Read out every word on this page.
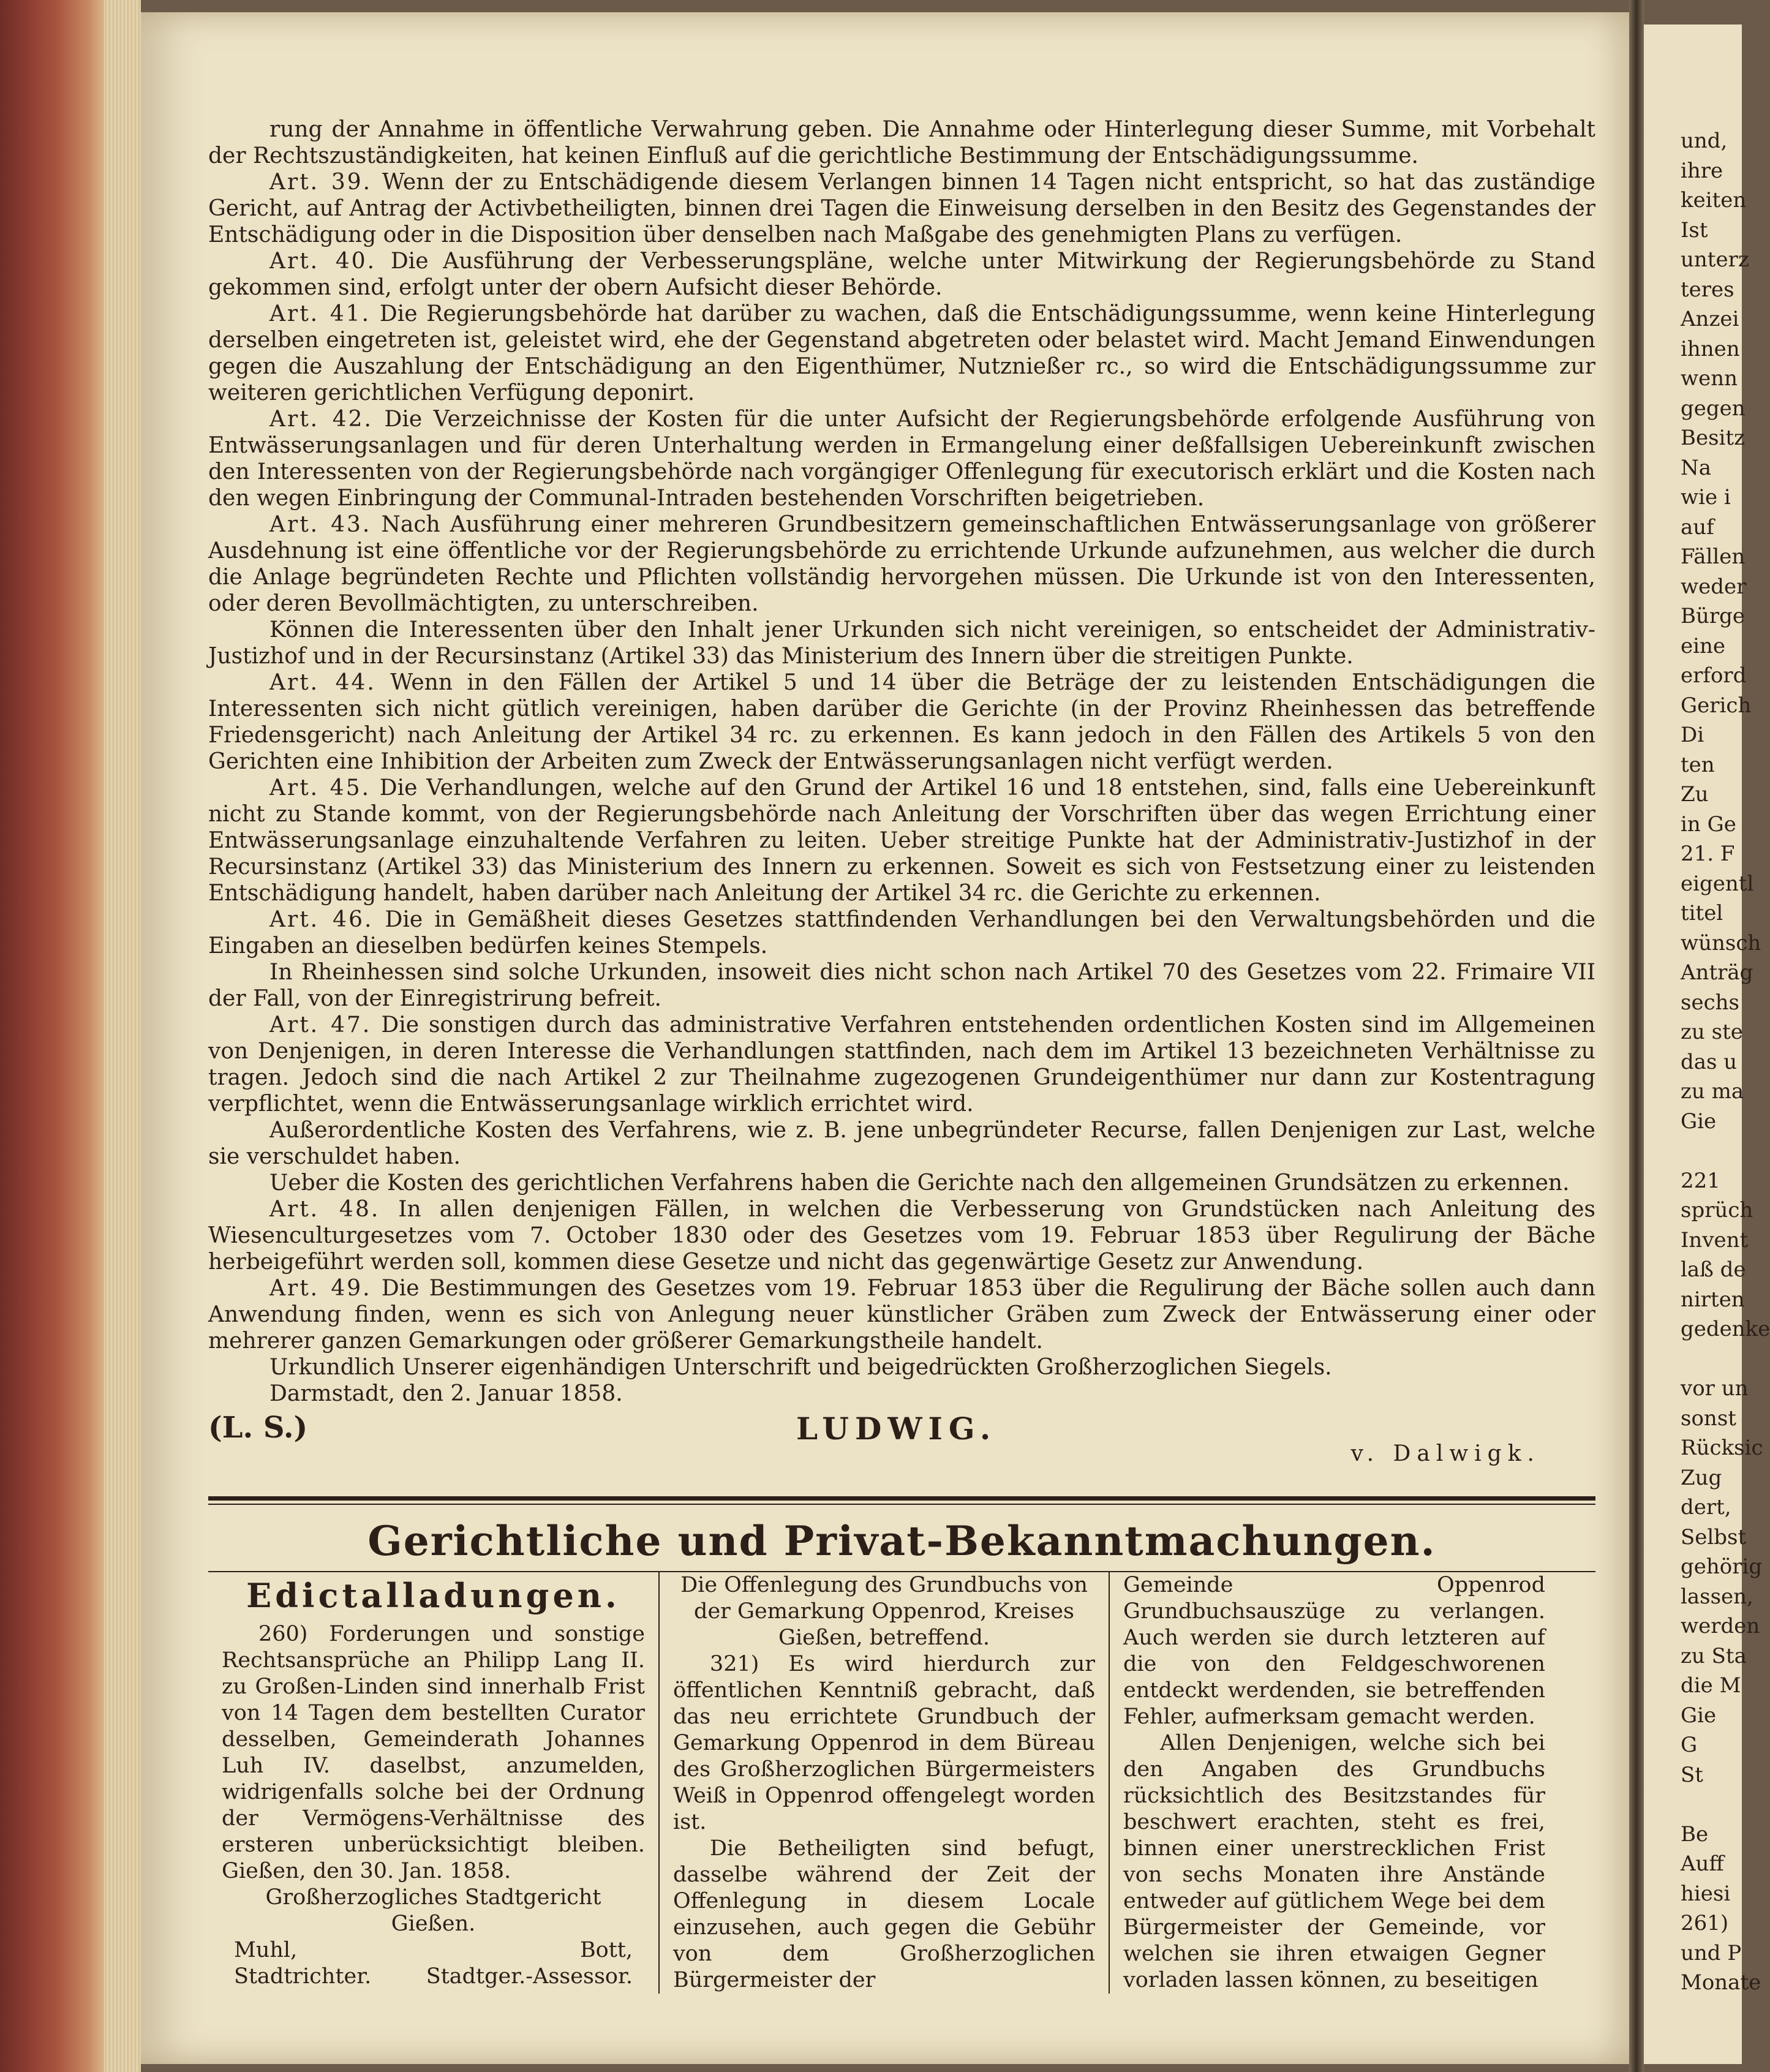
und,
ihre
keiten
Ist
unterz
teres
Anzei
ihnen
wenn
gegen
Besitz
Na
wie i
auf
Fällen
weder
Bürge
eine
erford
Gerich
Di
ten
Zu
in Ge
21. F
eigentl
titel
wünsch
Anträg
sechs
zu ste
das u
zu ma
Gie
221
sprüch
Invent
laß de
nirten
gedenke
vor un
sonst
Rücksic
Zug
dert,
Selbst
gehörig
lassen,
werden
zu Sta
die M
Gie
G
St
Be
Auff
hiesi
261)
und P
Monate

rung der Annahme in öffentliche Verwahrung geben. Die Annahme oder Hinterlegung dieser Summe, mit Vorbehalt der Rechtszuständigkeiten, hat keinen Einfluß auf die gerichtliche Bestimmung der Entschädigungssumme.

Art. 39. Wenn der zu Entschädigende diesem Verlangen binnen 14 Tagen nicht entspricht, so hat das zuständige Gericht, auf Antrag der Activbetheiligten, binnen drei Tagen die Einweisung derselben in den Besitz des Gegenstandes der Entschädigung oder in die Disposition über denselben nach Maßgabe des genehmigten Plans zu verfügen.

Art. 40. Die Ausführung der Verbesserungspläne, welche unter Mitwirkung der Regierungsbehörde zu Stand gekommen sind, erfolgt unter der obern Aufsicht dieser Behörde.

Art. 41. Die Regierungsbehörde hat darüber zu wachen, daß die Entschädigungssumme, wenn keine Hinterlegung derselben eingetreten ist, geleistet wird, ehe der Gegenstand abgetreten oder belastet wird. Macht Jemand Einwendungen gegen die Auszahlung der Entschädigung an den Eigenthümer, Nutznießer rc., so wird die Entschädigungssumme zur weiteren gerichtlichen Verfügung deponirt.

Art. 42. Die Verzeichnisse der Kosten für die unter Aufsicht der Regierungsbehörde erfolgende Ausführung von Entwässerungsanlagen und für deren Unterhaltung werden in Ermangelung einer deßfallsigen Uebereinkunft zwischen den Interessenten von der Regierungsbehörde nach vorgängiger Offenlegung für executorisch erklärt und die Kosten nach den wegen Einbringung der Communal-Intraden bestehenden Vorschriften beigetrieben.

Art. 43. Nach Ausführung einer mehreren Grundbesitzern gemeinschaftlichen Entwässerungsanlage von größerer Ausdehnung ist eine öffentliche vor der Regierungsbehörde zu errichtende Urkunde aufzunehmen, aus welcher die durch die Anlage begründeten Rechte und Pflichten vollständig hervorgehen müssen. Die Urkunde ist von den Interessenten, oder deren Bevollmächtigten, zu unterschreiben.

Können die Interessenten über den Inhalt jener Urkunden sich nicht vereinigen, so entscheidet der Administrativ-Justizhof und in der Recursinstanz (Artikel 33) das Ministerium des Innern über die streitigen Punkte.

Art. 44. Wenn in den Fällen der Artikel 5 und 14 über die Beträge der zu leistenden Entschädigungen die Interessenten sich nicht gütlich vereinigen, haben darüber die Gerichte (in der Provinz Rheinhessen das betreffende Friedensgericht) nach Anleitung der Artikel 34 rc. zu erkennen. Es kann jedoch in den Fällen des Artikels 5 von den Gerichten eine Inhibition der Arbeiten zum Zweck der Entwässerungsanlagen nicht verfügt werden.

Art. 45. Die Verhandlungen, welche auf den Grund der Artikel 16 und 18 entstehen, sind, falls eine Uebereinkunft nicht zu Stande kommt, von der Regierungsbehörde nach Anleitung der Vorschriften über das wegen Errichtung einer Entwässerungsanlage einzuhaltende Verfahren zu leiten. Ueber streitige Punkte hat der Administrativ-Justizhof in der Recursinstanz (Artikel 33) das Ministerium des Innern zu erkennen. Soweit es sich von Festsetzung einer zu leistenden Entschädigung handelt, haben darüber nach Anleitung der Artikel 34 rc. die Gerichte zu erkennen.

Art. 46. Die in Gemäßheit dieses Gesetzes stattfindenden Verhandlungen bei den Verwaltungsbehörden und die Eingaben an dieselben bedürfen keines Stempels.

In Rheinhessen sind solche Urkunden, insoweit dies nicht schon nach Artikel 70 des Gesetzes vom 22. Frimaire VII der Fall, von der Einregistrirung befreit.

Art. 47. Die sonstigen durch das administrative Verfahren entstehenden ordentlichen Kosten sind im Allgemeinen von Denjenigen, in deren Interesse die Verhandlungen stattfinden, nach dem im Artikel 13 bezeichneten Verhältnisse zu tragen. Jedoch sind die nach Artikel 2 zur Theilnahme zugezogenen Grundeigenthümer nur dann zur Kostentragung verpflichtet, wenn die Entwässerungsanlage wirklich errichtet wird.

Außerordentliche Kosten des Verfahrens, wie z. B. jene unbegründeter Recurse, fallen Denjenigen zur Last, welche sie verschuldet haben.

Ueber die Kosten des gerichtlichen Verfahrens haben die Gerichte nach den allgemeinen Grundsätzen zu erkennen.

Art. 48. In allen denjenigen Fällen, in welchen die Verbesserung von Grundstücken nach Anleitung des Wiesenculturgesetzes vom 7. October 1830 oder des Gesetzes vom 19. Februar 1853 über Regulirung der Bäche herbeigeführt werden soll, kommen diese Gesetze und nicht das gegenwärtige Gesetz zur Anwendung.

Art. 49. Die Bestimmungen des Gesetzes vom 19. Februar 1853 über die Regulirung der Bäche sollen auch dann Anwendung finden, wenn es sich von Anlegung neuer künstlicher Gräben zum Zweck der Entwässerung einer oder mehrerer ganzen Gemarkungen oder größerer Gemarkungstheile handelt.

Urkundlich Unserer eigenhändigen Unterschrift und beigedrückten Großherzoglichen Siegels.

Darmstadt, den 2. Januar 1858.

(L. S.)	LUDWIG.
v. Dalwigk.
Gerichtliche und Privat-Bekanntmachungen.
Edictalladungen.

260) Forderungen und sonstige Rechtsansprüche an Philipp Lang II. zu Großen-Linden sind innerhalb Frist von 14 Tagen dem bestellten Curator desselben, Gemeinderath Johannes Luh IV. daselbst, anzumelden, widrigenfalls solche bei der Ordnung der Vermögens-Verhältnisse des ersteren unberücksichtigt bleiben. Gießen, den 30. Jan. 1858.

Großherzogliches Stadtgericht Gießen.

Muhl,	Bott,
Stadtrichter.	Stadtger.-Assessor.

Die Offenlegung des Grundbuchs von der Gemarkung Oppenrod, Kreises Gießen, betreffend.

321) Es wird hierdurch zur öffentlichen Kenntniß gebracht, daß das neu errichtete Grundbuch der Gemarkung Oppenrod in dem Büreau des Großherzoglichen Bürgermeisters Weiß in Oppenrod offengelegt worden ist.

Die Betheiligten sind befugt, dasselbe während der Zeit der Offenlegung in diesem Locale einzusehen, auch gegen die Gebühr von dem Großherzoglichen Bürgermeister der

Gemeinde Oppenrod Grundbuchsauszüge zu verlangen. Auch werden sie durch letzteren auf die von den Feldgeschworenen entdeckt werdenden, sie betreffenden Fehler, aufmerksam gemacht werden.

Allen Denjenigen, welche sich bei den Angaben des Grundbuchs rücksichtlich des Besitzstandes für beschwert erachten, steht es frei, binnen einer unerstrecklichen Frist von sechs Monaten ihre Anstände entweder auf gütlichem Wege bei dem Bürgermeister der Gemeinde, vor welchen sie ihren etwaigen Gegner vorladen lassen können, zu beseitigen
